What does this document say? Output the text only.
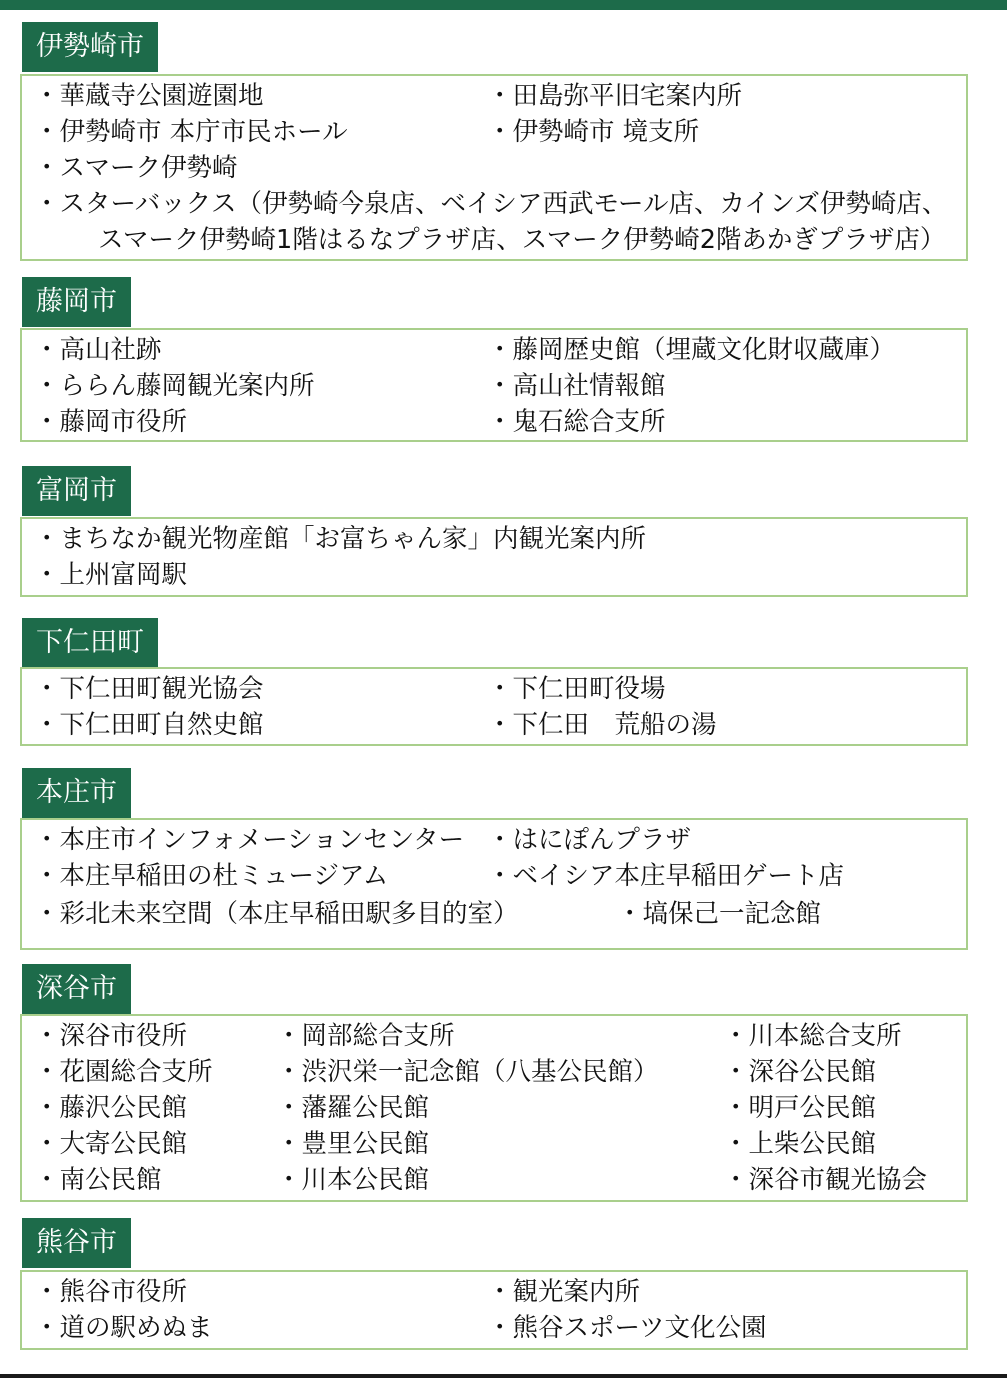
伊勢崎市
・華蔵寺公園遊園地	・田島弥平旧宅案内所
・伊勢崎市 本庁市民ホール	・伊勢崎市 境支所
・スマーク伊勢崎
・スターバックス（伊勢崎今泉店、ベイシア西武モール店、カインズ伊勢崎店、
スマーク伊勢崎1階はるなプラザ店、スマーク伊勢崎2階あかぎプラザ店）
藤岡市
・高山社跡	・藤岡歴史館（埋蔵文化財収蔵庫）
・ららん藤岡観光案内所	・高山社情報館
・藤岡市役所	・鬼石総合支所
富岡市
・まちなか観光物産館「お富ちゃん家」内観光案内所
・上州富岡駅
下仁田町
・下仁田町観光協会	・下仁田町役場
・下仁田町自然史館	・下仁田　荒船の湯
本庄市
・本庄市インフォメーションセンター ・はにぽんプラザ
・本庄早稲田の杜ミュージアム	・ベイシア本庄早稲田ゲート店
・彩北未来空間（本庄早稲田駅多目的室）	・塙保己一記念館
深谷市
・深谷市役所	・岡部総合支所	・川本総合支所
・花園総合支所 ・渋沢栄一記念館（八基公民館）	・深谷公民館
・藤沢公民館	・藩羅公民館	・明戸公民館
・大寄公民館	・豊里公民館	・上柴公民館
・南公民館	・川本公民館	・深谷市観光協会
熊谷市
・熊谷市役所	・観光案内所
・道の駅めぬま	・熊谷スポーツ文化公園
